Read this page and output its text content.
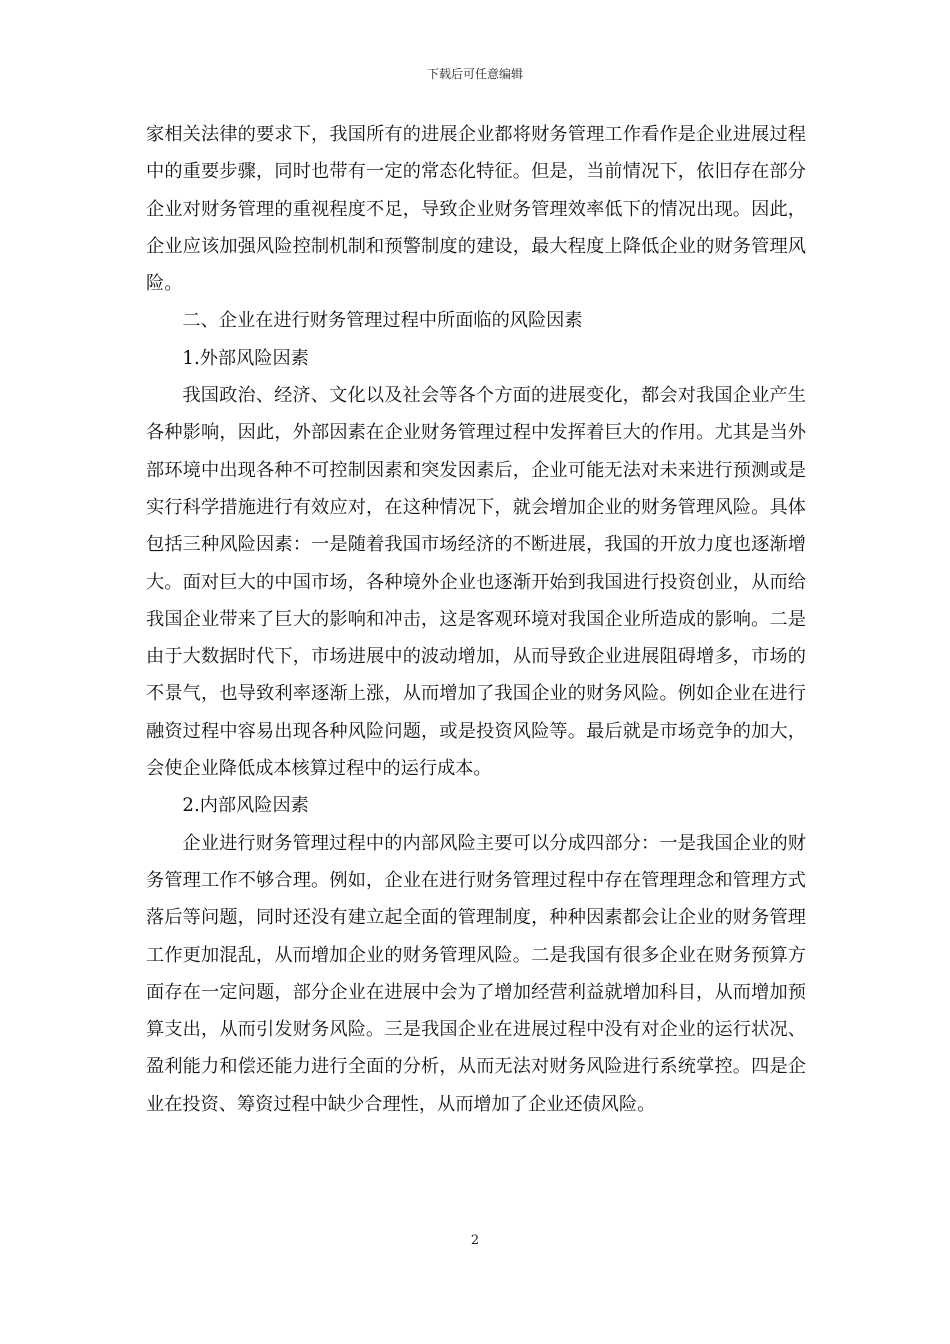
下载后可任意编辑

家相关法律的要求下，我国所有的进展企业都将财务管理工作看作是企业进展过程中的重要步骤，同时也带有一定的常态化特征。但是，当前情况下，依旧存在部分企业对财务管理的重视程度不足，导致企业财务管理效率低下的情况出现。因此，企业应该加强风险控制机制和预警制度的建设，最大程度上降低企业的财务管理风险。

二、企业在进行财务管理过程中所面临的风险因素

1.外部风险因素

我国政治、经济、文化以及社会等各个方面的进展变化，都会对我国企业产生各种影响，因此，外部因素在企业财务管理过程中发挥着巨大的作用。尤其是当外部环境中出现各种不可控制因素和突发因素后，企业可能无法对未来进行预测或是实行科学措施进行有效应对，在这种情况下，就会增加企业的财务管理风险。具体包括三种风险因素：一是随着我国市场经济的不断进展，我国的开放力度也逐渐增大。面对巨大的中国市场，各种境外企业也逐渐开始到我国进行投资创业，从而给我国企业带来了巨大的影响和冲击，这是客观环境对我国企业所造成的影响。二是由于大数据时代下，市场进展中的波动增加，从而导致企业进展阻碍增多，市场的不景气，也导致利率逐渐上涨，从而增加了我国企业的财务风险。例如企业在进行融资过程中容易出现各种风险问题，或是投资风险等。最后就是市场竞争的加大，会使企业降低成本核算过程中的运行成本。

2.内部风险因素

企业进行财务管理过程中的内部风险主要可以分成四部分：一是我国企业的财务管理工作不够合理。例如，企业在进行财务管理过程中存在管理理念和管理方式落后等问题，同时还没有建立起全面的管理制度，种种因素都会让企业的财务管理工作更加混乱，从而增加企业的财务管理风险。二是我国有很多企业在财务预算方面存在一定问题，部分企业在进展中会为了增加经营利益就增加科目，从而增加预算支出，从而引发财务风险。三是我国企业在进展过程中没有对企业的运行状况、盈利能力和偿还能力进行全面的分析，从而无法对财务风险进行系统掌控。四是企业在投资、筹资过程中缺少合理性，从而增加了企业还债风险。

2
